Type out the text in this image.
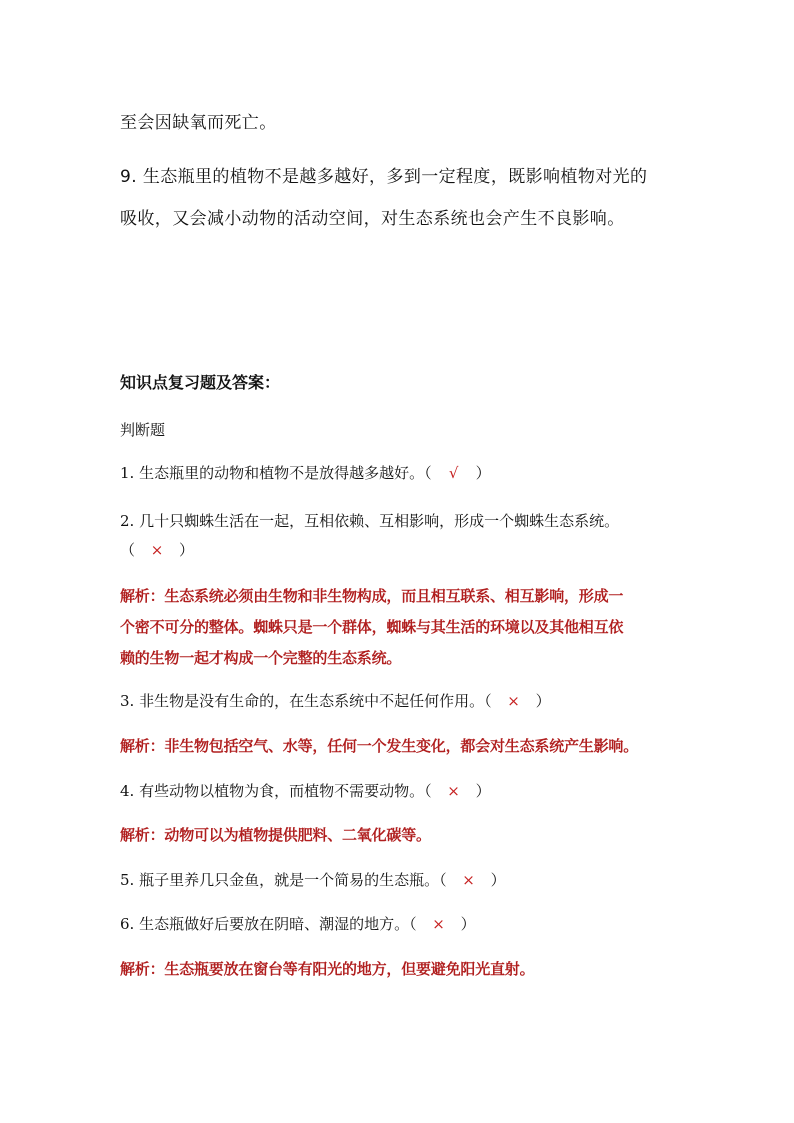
至会因缺氧而死亡。
9. 生态瓶里的植物不是越多越好，多到一定程度，既影响植物对光的
吸收，又会减小动物的活动空间，对生态系统也会产生不良影响。
知识点复习题及答案：
判断题
1. 生态瓶里的动物和植物不是放得越多越好。（ √ ）
2. 几十只蜘蛛生活在一起，互相依赖、互相影响，形成一个蜘蛛生态系统。
（ × ）
解析：生态系统必须由生物和非生物构成，而且相互联系、相互影响，形成一
个密不可分的整体。蜘蛛只是一个群体，蜘蛛与其生活的环境以及其他相互依
赖的生物一起才构成一个完整的生态系统。
3. 非生物是没有生命的，在生态系统中不起任何作用。（ × ）
解析：非生物包括空气、水等，任何一个发生变化，都会对生态系统产生影响。
4. 有些动物以植物为食，而植物不需要动物。（ × ）
解析：动物可以为植物提供肥料、二氧化碳等。
5. 瓶子里养几只金鱼，就是一个简易的生态瓶。（ × ）
6. 生态瓶做好后要放在阴暗、潮湿的地方。（ × ）
解析：生态瓶要放在窗台等有阳光的地方，但要避免阳光直射。
